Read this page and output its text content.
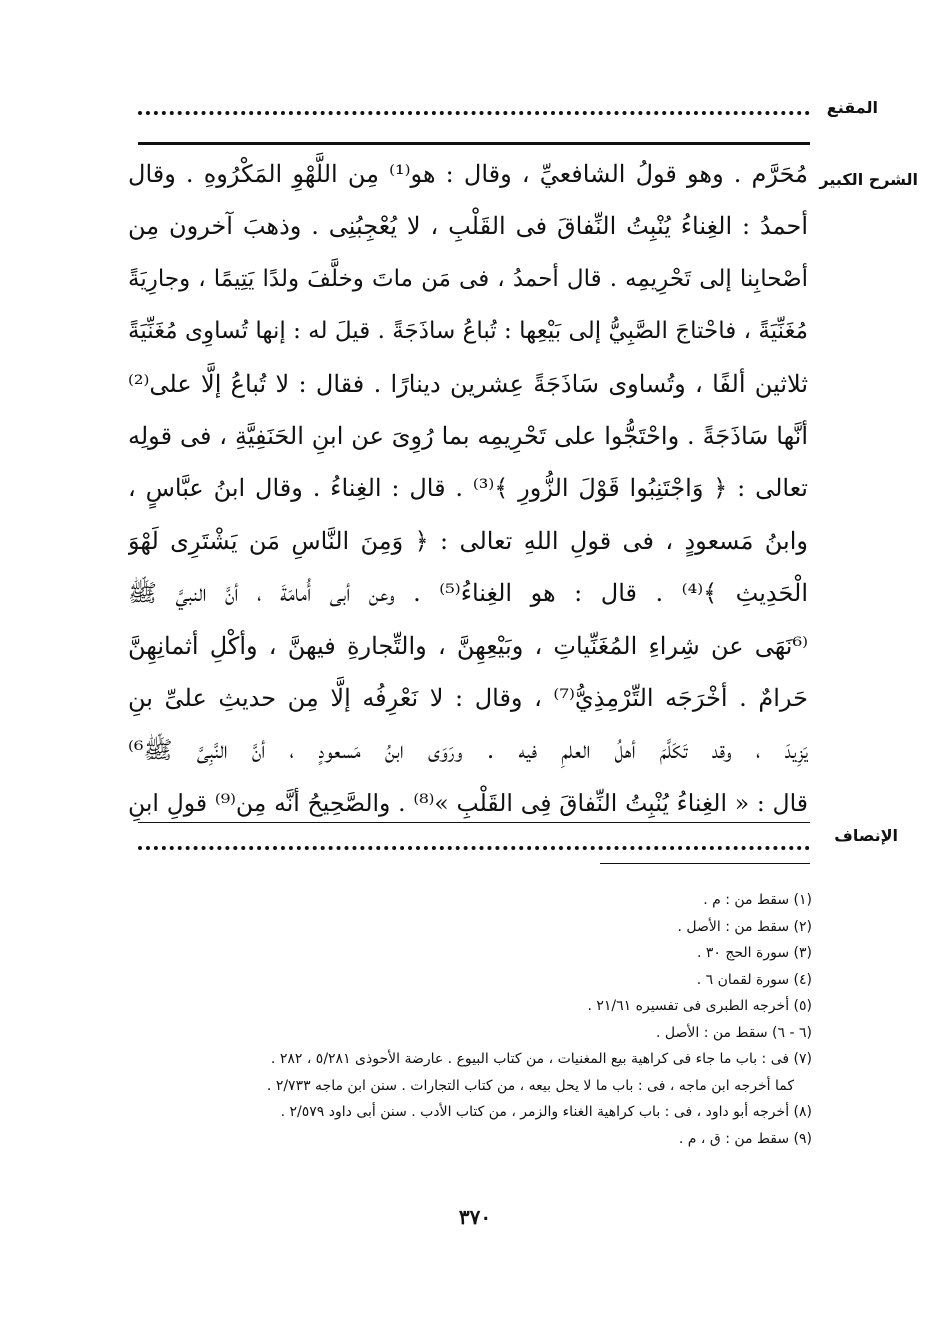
المقنع
الشرح الكبير
مُحَرَّم . وهو قولُ الشافعيِّ ، وقال : هو⁽¹⁾ مِن اللَّهْوِ المَكْرُوهِ . وقال
أحمدُ : الغِناءُ يُنْبِتُ النِّفاقَ فى القَلْبِ ، لا يُعْجِبُنِى . وذهبَ آخرون مِن
أصْحابِنا إلى تَحْرِيمِه . قال أحمدُ ، فى مَن ماتَ وخلَّفَ ولدًا يَتِيمًا ، وجارِيَةً
مُغَنِّيَةً ، فاحْتاجَ الصَّبِيُّ إلى بَيْعِها : تُباعُ ساذَجَةً . قيلَ له : إنها تُساوِى مُغَنِّيَةً
ثلاثين ألفًا ، وتُساوى سَاذَجَةً عِشرين دينارًا . فقال : لا تُباعُ إلَّا على⁽²⁾
أنَّها سَاذَجَةً . واحْتَجُّوا على تَحْرِيمِه بما رُوِىَ عن ابنِ الحَنَفِيَّةِ ، فى قولِه
تعالى : ﴿ وَاجْتَنِبُوا قَوْلَ الزُّورِ ﴾⁽³⁾ . قال : الغِناءُ . وقال ابنُ عبَّاسٍ ،
وابنُ مَسعودٍ ، فى قولِ اللهِ تعالى : ﴿ وَمِنَ النَّاسِ مَن يَشْتَرِى لَهْوَ
الْحَدِيثِ ﴾⁽⁴⁾ . قال : هو الغِناءُ⁽⁵⁾ . وعن أبى أُمامَةَ ، أنَّ النبيَّ ﷺ
⁽⁶نَهَى عن شِراءِ المُغَنِّياتِ ، وبَيْعِهِنَّ ، والتِّجارةِ فيهنَّ ، وأكْلِ أثمانِهِنَّ
حَرامٌ . أخْرَجَه التِّرْمِذِيُّ⁽⁷⁾ ، وقال : لا نَعْرِفُه إلَّا مِن حديثِ علىِّ بنِ
يَزِيدَ ، وقد تَكَلَّمَ أهلُ العلمِ فيه . ورَوَى ابنُ مَسعودٍ ، أنَّ النَّبِىَّ ﷺ⁶⁾
قال : « الغِناءُ يُنْبِتُ النِّفاقَ فِى القَلْبِ »⁽⁸⁾ . والصَّحِيحُ أنَّه مِن⁽⁹⁾ قولِ ابنِ
الإنصاف
(١) سقط من : م .
(٢) سقط من : الأصل .
(٣) سورة الحج ٣٠ .
(٤) سورة لقمان ٦ .
(٥) أخرجه الطبرى فى تفسيره ٢١/٦١ .
(٦ - ٦) سقط من : الأصل .
(٧) فى : باب ما جاء فى كراهية بيع المغنيات ، من كتاب البيوع . عارضة الأحوذى ٥/٢٨١ ، ٢٨٢ .
كما أخرجه ابن ماجه ، فى : باب ما لا يحل بيعه ، من كتاب التجارات . سنن ابن ماجه ٢/٧٣٣ .
(٨) أخرجه أبو داود ، فى : باب كراهية الغناء والزمر ، من كتاب الأدب . سنن أبى داود ٢/٥٧٩ .
(٩) سقط من : ق ، م .
٣٧٠
